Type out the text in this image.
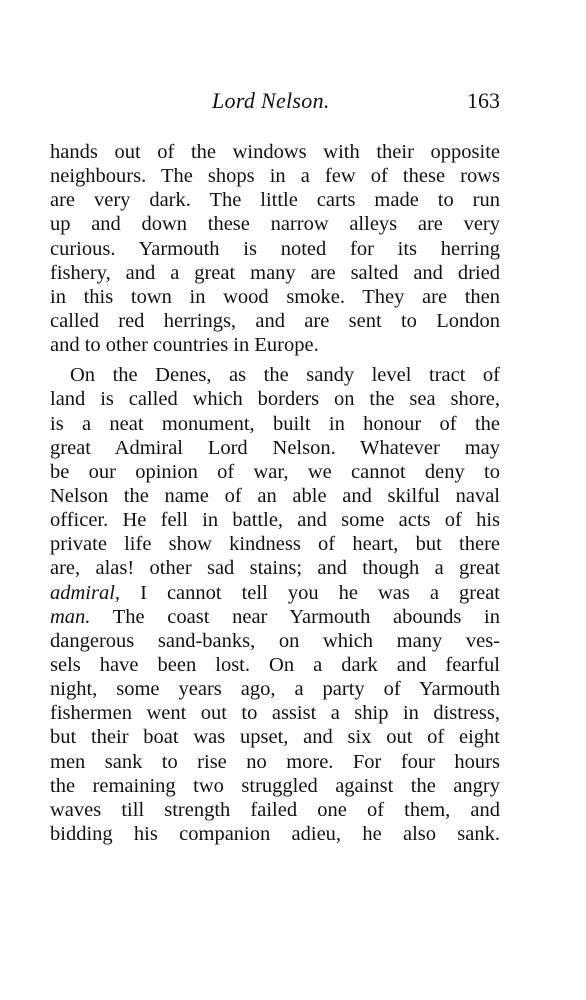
Lord Nelson.	163
hands out of the windows with their opposite
neighbours. The shops in a few of these rows
are very dark. The little carts made to run
up and down these narrow alleys are very
curious. Yarmouth is noted for its herring
fishery, and a great many are salted and dried
in this town in wood smoke. They are then
called red herrings, and are sent to London
and to other countries in Europe.
On the Denes, as the sandy level tract of
land is called which borders on the sea shore,
is a neat monument, built in honour of the
great Admiral Lord Nelson. Whatever may
be our opinion of war, we cannot deny to
Nelson the name of an able and skilful naval
officer. He fell in battle, and some acts of his
private life show kindness of heart, but there
are, alas! other sad stains; and though a great
admiral, I cannot tell you he was a great
man. The coast near Yarmouth abounds in
dangerous sand-banks, on which many ves-
sels have been lost. On a dark and fearful
night, some years ago, a party of Yarmouth
fishermen went out to assist a ship in distress,
but their boat was upset, and six out of eight
men sank to rise no more. For four hours
the remaining two struggled against the angry
waves till strength failed one of them, and
bidding his companion adieu, he also sank.
